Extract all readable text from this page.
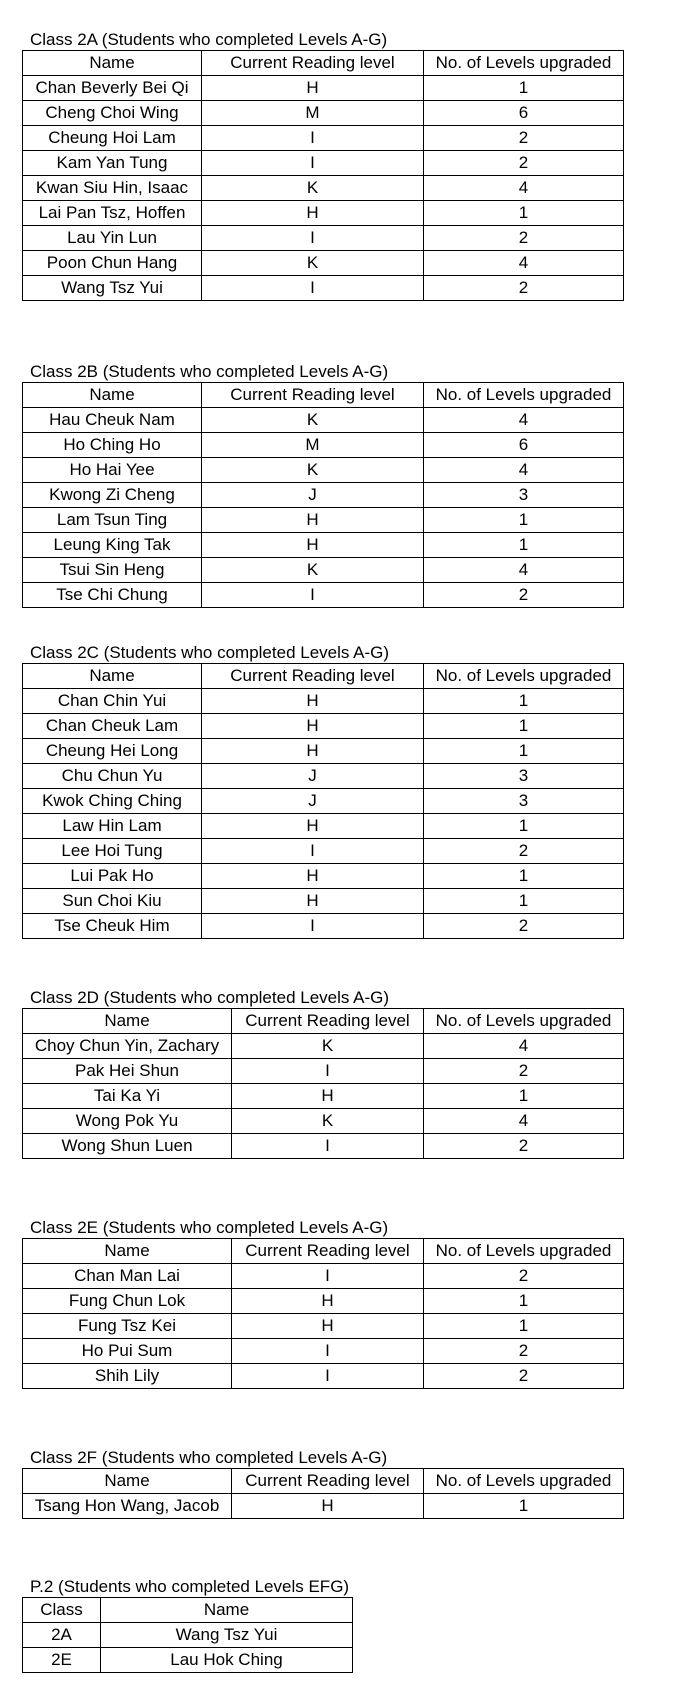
Class 2A (Students who completed Levels A-G)
Name	Current Reading level	No. of Levels upgraded
Chan Beverly Bei Qi	H	1
Cheng Choi Wing	M	6
Cheung Hoi Lam	I	2
Kam Yan Tung	I	2
Kwan Siu Hin, Isaac	K	4
Lai Pan Tsz, Hoffen	H	1
Lau Yin Lun	I	2
Poon Chun Hang	K	4
Wang Tsz Yui	I	2
Class 2B (Students who completed Levels A-G)
Name	Current Reading level	No. of Levels upgraded
Hau Cheuk Nam	K	4
Ho Ching Ho	M	6
Ho Hai Yee	K	4
Kwong Zi Cheng	J	3
Lam Tsun Ting	H	1
Leung King Tak	H	1
Tsui Sin Heng	K	4
Tse Chi Chung	I	2
Class 2C (Students who completed Levels A-G)
Name	Current Reading level	No. of Levels upgraded
Chan Chin Yui	H	1
Chan Cheuk Lam	H	1
Cheung Hei Long	H	1
Chu Chun Yu	J	3
Kwok Ching Ching	J	3
Law Hin Lam	H	1
Lee Hoi Tung	I	2
Lui Pak Ho	H	1
Sun Choi Kiu	H	1
Tse Cheuk Him	I	2
Class 2D (Students who completed Levels A-G)
Name	Current Reading level	No. of Levels upgraded
Choy Chun Yin, Zachary	K	4
Pak Hei Shun	I	2
Tai Ka Yi	H	1
Wong Pok Yu	K	4
Wong Shun Luen	I	2
Class 2E (Students who completed Levels A-G)
Name	Current Reading level	No. of Levels upgraded
Chan Man Lai	I	2
Fung Chun Lok	H	1
Fung Tsz Kei	H	1
Ho Pui Sum	I	2
Shih Lily	I	2
Class 2F (Students who completed Levels A-G)
Name	Current Reading level	No. of Levels upgraded
Tsang Hon Wang, Jacob	H	1
P.2 (Students who completed Levels EFG)
Class	Name
2A	Wang Tsz Yui
2E	Lau Hok Ching
